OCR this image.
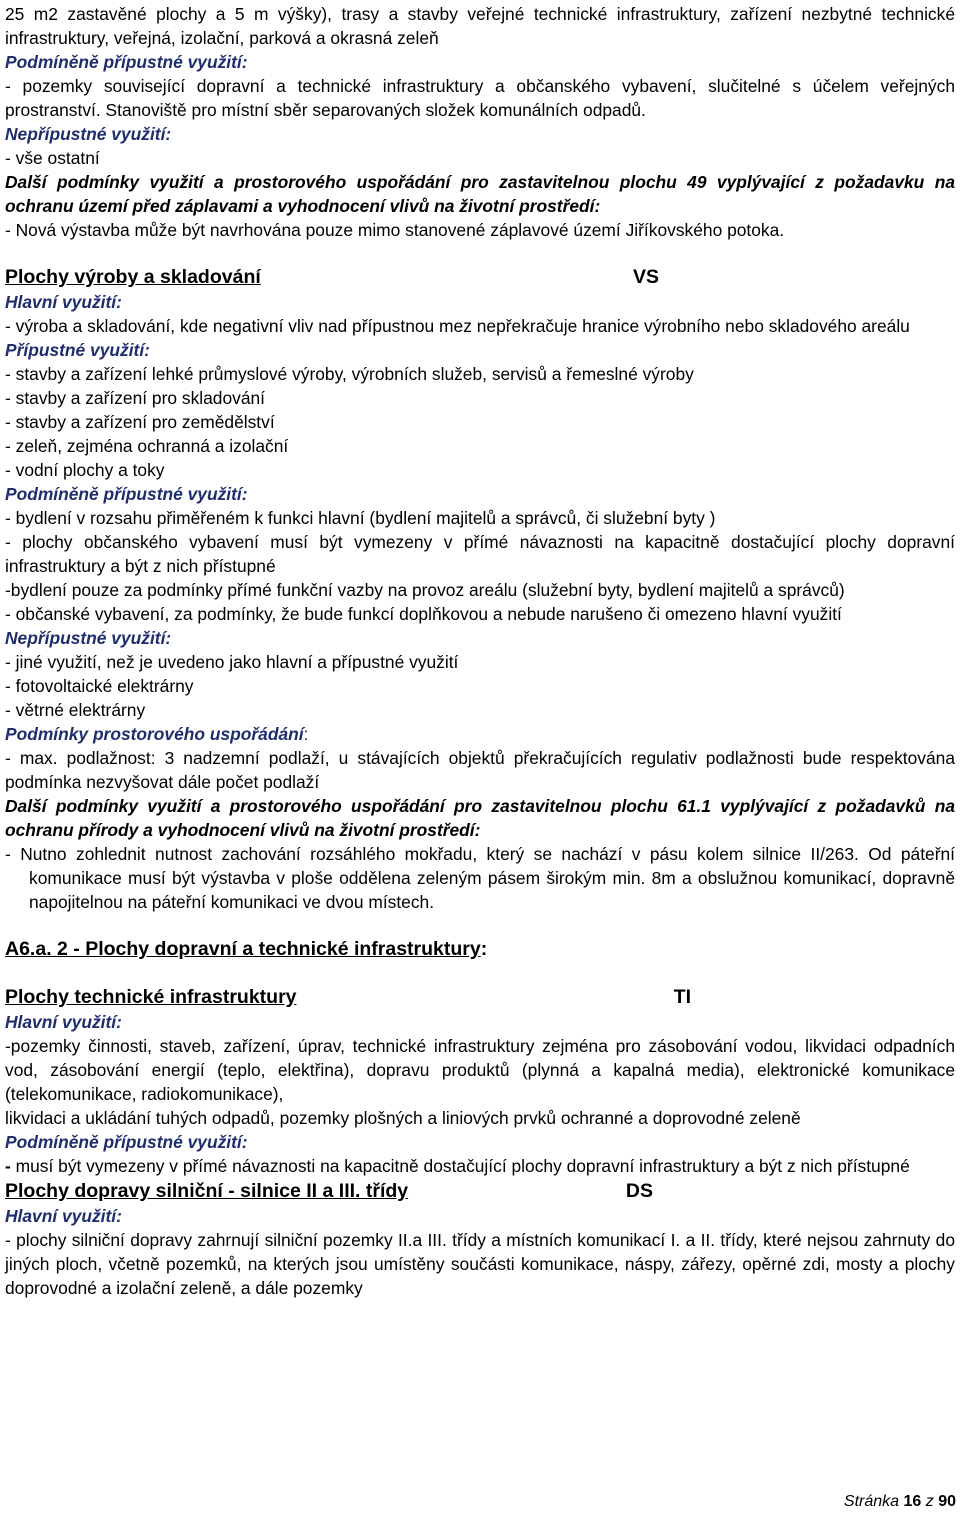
25 m2 zastavěné plochy a 5 m výšky), trasy a stavby veřejné technické infrastruktury, zařízení nezbytné technické infrastruktury, veřejná, izolační, parková a okrasná zeleň

Podmíněně přípustné využití:

- pozemky související dopravní a technické infrastruktury a občanského vybavení, slučitelné s účelem veřejných prostranství. Stanoviště pro místní sběr separovaných složek komunálních odpadů.

Nepřípustné využití:

- vše ostatní

Další podmínky využití a prostorového uspořádání pro zastavitelnou plochu 49 vyplývající z požadavku na ochranu území před záplavami a vyhodnocení vlivů na životní prostředí:

- Nová výstavba může být navrhována pouze mimo stanovené záplavové území Jiříkovského potoka.

Plochy výroby a skladování	VS

Hlavní využití:

- výroba a skladování, kde negativní vliv nad přípustnou mez nepřekračuje hranice výrobního nebo skladového areálu

Přípustné využití:

- stavby a zařízení lehké průmyslové výroby, výrobních služeb, servisů a řemeslné výroby

- stavby a zařízení pro skladování

- stavby a zařízení pro zemědělství

- zeleň, zejména ochranná a izolační

- vodní plochy a toky

Podmíněně přípustné využití:

- bydlení v rozsahu přiměřeném k funkci hlavní (bydlení majitelů a správců, či služební byty )

- plochy občanského vybavení musí být vymezeny v přímé návaznosti na kapacitně dostačující plochy dopravní infrastruktury a být z nich přístupné

-bydlení pouze za podmínky přímé funkční vazby na provoz areálu (služební byty, bydlení majitelů a správců)

- občanské vybavení, za podmínky, že bude funkcí doplňkovou a nebude narušeno či omezeno hlavní využití

Nepřípustné využití:

- jiné využití, než je uvedeno jako hlavní a přípustné využití

- fotovoltaické elektrárny

- větrné elektrárny

Podmínky prostorového uspořádání:

- max. podlažnost: 3 nadzemní podlaží, u stávajících objektů překračujících regulativ podlažnosti bude respektována podmínka nezvyšovat dále počet podlaží

Další podmínky využití a prostorového uspořádání pro zastavitelnou plochu 61.1 vyplývající z požadavků na ochranu přírody a vyhodnocení vlivů na životní prostředí:

- Nutno zohlednit nutnost zachování rozsáhlého mokřadu, který se nachází v pásu kolem silnice II/263. Od páteřní komunikace musí být výstavba v ploše oddělena zeleným pásem širokým min. 8m a obslužnou komunikací, dopravně napojitelnou na páteřní komunikaci ve dvou místech.

A6.a. 2 - Plochy dopravní a technické infrastruktury:

Plochy technické infrastruktury	TI

Hlavní využití:

-pozemky činnosti, staveb, zařízení, úprav, technické infrastruktury zejména pro zásobování vodou, likvidaci odpadních vod, zásobování energií (teplo, elektřina), dopravu produktů (plynná a kapalná media), elektronické komunikace (telekomunikace, radiokomunikace),

likvidaci a ukládání tuhých odpadů, pozemky plošných a liniových prvků ochranné a doprovodné zeleně

Podmíněně přípustné využití:

- musí být vymezeny v přímé návaznosti na kapacitně dostačující plochy dopravní infrastruktury a být z nich přístupné

Plochy dopravy silniční - silnice II a III. třídy	DS

Hlavní využití:

- plochy silniční dopravy zahrnují silniční pozemky II.a III. třídy a místních komunikací I. a II. třídy, které nejsou zahrnuty do jiných ploch, včetně pozemků, na kterých jsou umístěny součásti komunikace, náspy, zářezy, opěrné zdi, mosty a plochy doprovodné a izolační zeleně, a dále pozemky

Stránka 16 z 90
